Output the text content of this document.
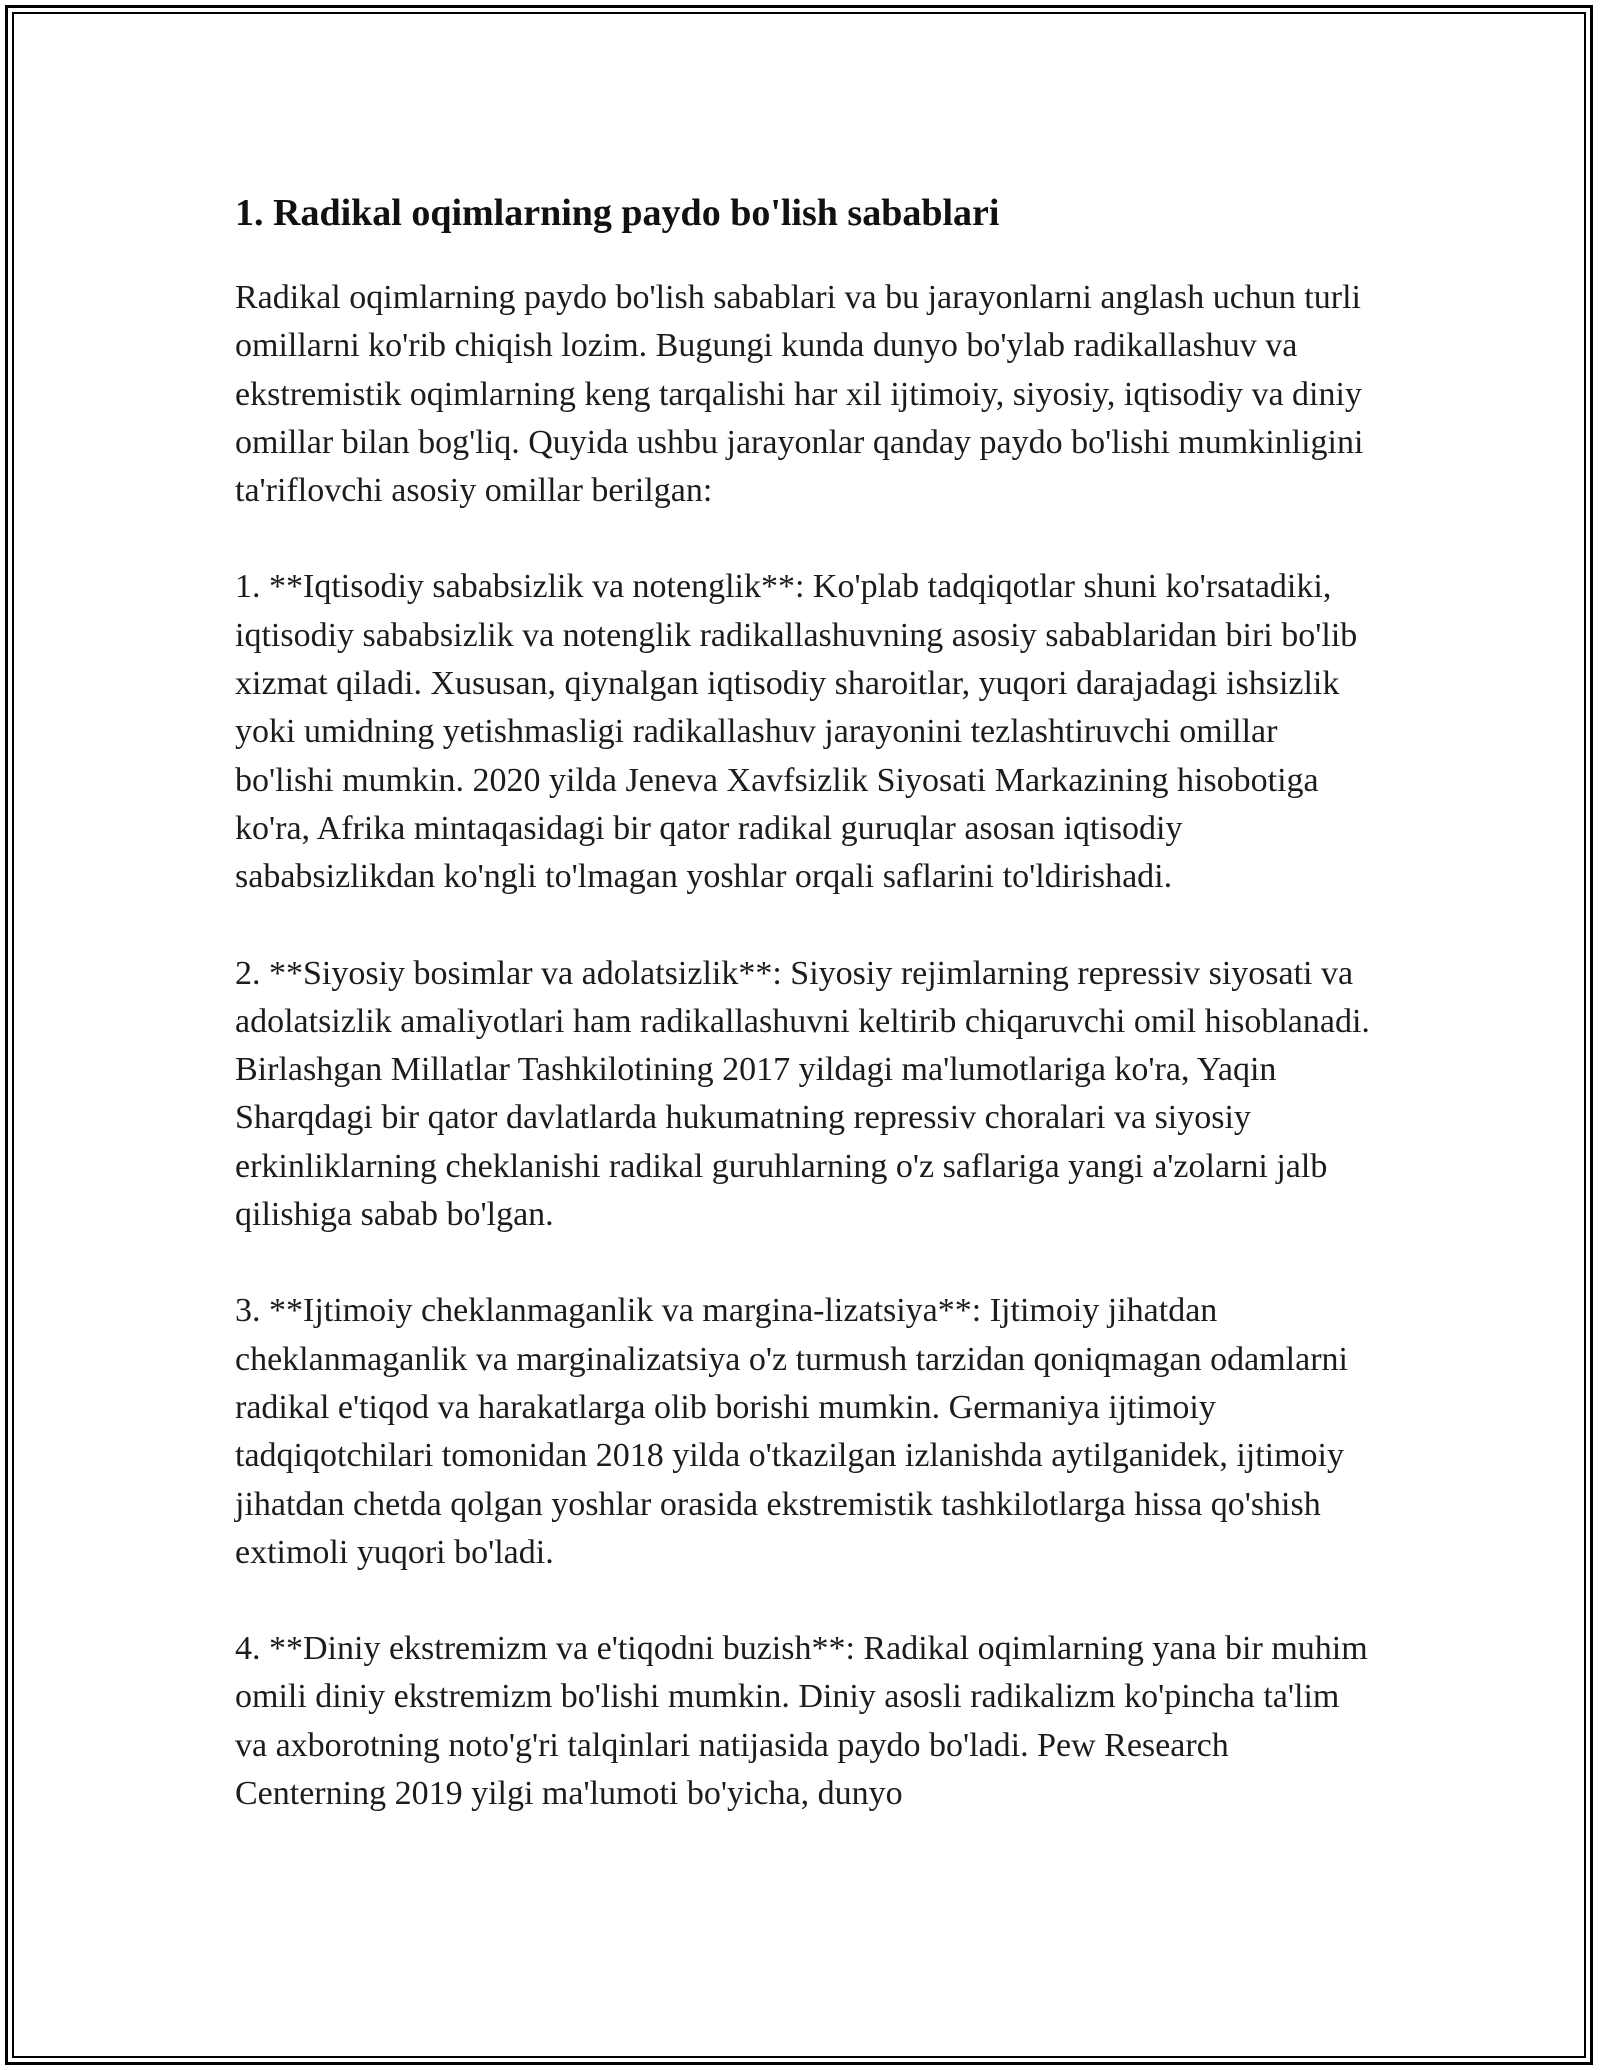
1. Radikal oqimlarning paydo bo'lish sabablari

Radikal oqimlarning paydo bo'lish sabablari va bu jarayonlarni anglash uchun turli omillarni ko'rib chiqish lozim. Bugungi kunda dunyo bo'ylab radikallashuv va ekstremistik oqimlarning keng tarqalishi har xil ijtimoiy, siyosiy, iqtisodiy va diniy omillar bilan bog'liq. Quyida ushbu jarayonlar qanday paydo bo'lishi mumkinligini ta'riflovchi asosiy omillar berilgan:

1. **Iqtisodiy sababsizlik va notenglik**: Ko'plab tadqiqotlar shuni ko'rsatadiki, iqtisodiy sababsizlik va notenglik radikallashuvning asosiy sabablaridan biri bo'lib xizmat qiladi. Xususan, qiynalgan iqtisodiy sharoitlar, yuqori darajadagi ishsizlik yoki umidning yetishmasligi radikallashuv jarayonini tezlashtiruvchi omillar bo'lishi mumkin. 2020 yilda Jeneva Xavfsizlik Siyosati Markazining hisobotiga ko'ra, Afrika mintaqasidagi bir qator radikal guruqlar asosan iqtisodiy sababsizlikdan ko'ngli to'lmagan yoshlar orqali saflarini to'ldirishadi.

2. **Siyosiy bosimlar va adolatsizlik**: Siyosiy rejimlarning repressiv siyosati va adolatsizlik amaliyotlari ham radikallashuvni keltirib chiqaruvchi omil hisoblanadi. Birlashgan Millatlar Tashkilotining 2017 yildagi ma'lumotlariga ko'ra, Yaqin Sharqdagi bir qator davlatlarda hukumatning repressiv choralari va siyosiy erkinliklarning cheklanishi radikal guruhlarning o'z saflariga yangi a'zolarni jalb qilishiga sabab bo'lgan.

3. **Ijtimoiy cheklanmaganlik va margina-lizatsiya**: Ijtimoiy jihatdan cheklanmaganlik va marginalizatsiya o'z turmush tarzidan qoniqmagan odamlarni radikal e'tiqod va harakatlarga olib borishi mumkin. Germaniya ijtimoiy tadqiqotchilari tomonidan 2018 yilda o'tkazilgan izlanishda aytilganidek, ijtimoiy jihatdan chetda qolgan yoshlar orasida ekstremistik tashkilotlarga hissa qo'shish extimoli yuqori bo'ladi.

4. **Diniy ekstremizm va e'tiqodni buzish**: Radikal oqimlarning yana bir muhim omili diniy ekstremizm bo'lishi mumkin. Diniy asosli radikalizm ko'pincha ta'lim va axborotning noto'g'ri talqinlari natijasida paydo bo'ladi. Pew Research Centerning 2019 yilgi ma'lumoti bo'yicha, dunyo
